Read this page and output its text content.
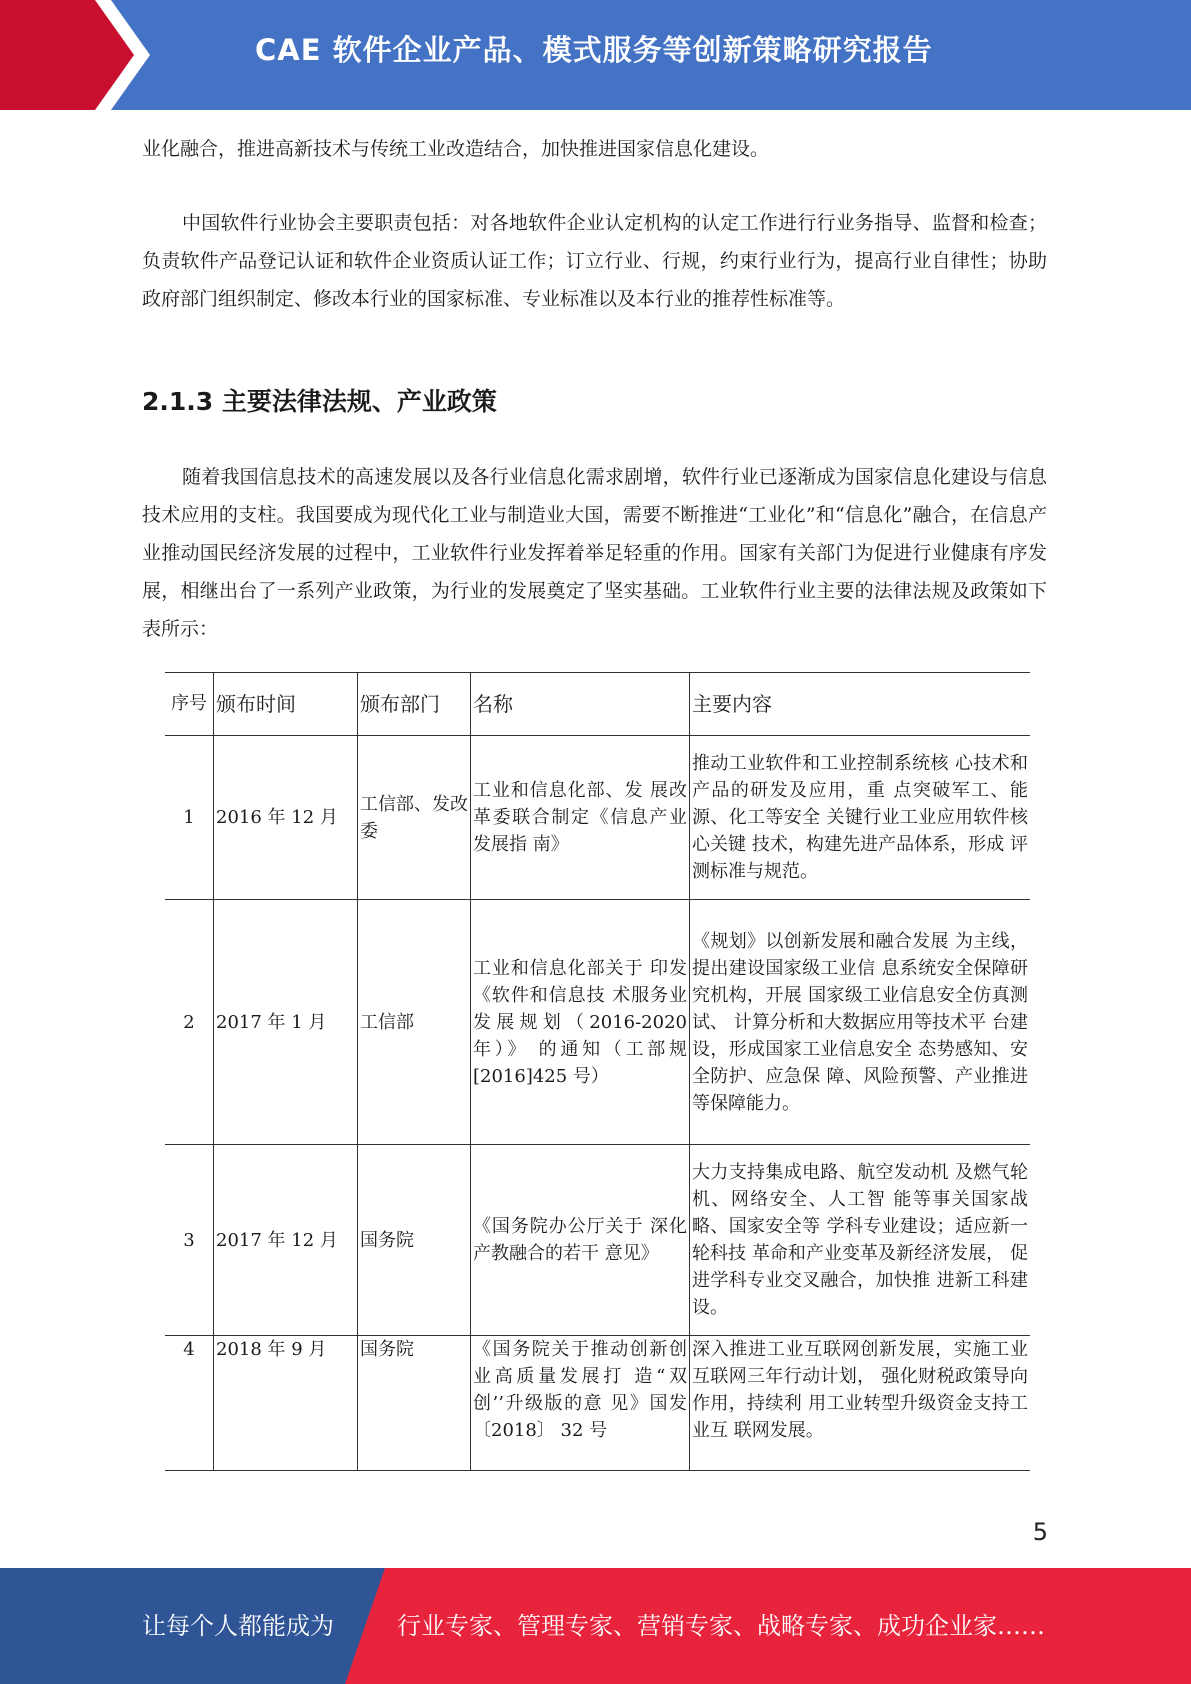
CAE 软件企业产品、模式服务等创新策略研究报告

业化融合，推进高新技术与传统工业改造结合，加快推进国家信息化建设。

中国软件行业协会主要职责包括：对各地软件企业认定机构的认定工作进行行业务指导、监督和检查；负责软件产品登记认证和软件企业资质认证工作；订立行业、行规，约束行业行为，提高行业自律性；协助政府部门组织制定、修改本行业的国家标准、专业标准以及本行业的推荐性标准等。

2.1.3 主要法律法规、产业政策

随着我国信息技术的高速发展以及各行业信息化需求剧增，软件行业已逐渐成为国家信息化建设与信息技术应用的支柱。我国要成为现代化工业与制造业大国，需要不断推进“工业化”和“信息化”融合，在信息产业推动国民经济发展的过程中，工业软件行业发挥着举足轻重的作用。国家有关部门为促进行业健康有序发展，相继出台了一系列产业政策，为行业的发展奠定了坚实基础。工业软件行业主要的法律法规及政策如下表所示：

序号	颁布时间	颁布部门	名称	主要内容
1	2016 年 12 月	工信部、发改委	工业和信息化部、发 展改革委联合制定《信息产业发展指 南》	推动工业软件和工业控制系统核 心技术和产品的研发及应用，重 点突破军工、能源、化工等安全 关键行业工业应用软件核心关键 技术，构建先进产品体系，形成 评测标准与规范。
2	2017 年 1 月	工信部	工业和信息化部关于 印发《软件和信息技 术服务业发展规划（2016-2020 年）》 的通知（工部规 [2016]425 号）	《规划》以创新发展和融合发展 为主线，提出建设国家级工业信 息系统安全保障研究机构，开展 国家级工业信息安全仿真测试、 计算分析和大数据应用等技术平 台建设，形成国家工业信息安全 态势感知、安全防护、应急保 障、风险预警、产业推进等保障能力。
3	2017 年 12 月	国务院	《国务院办公厅关于 深化产教融合的若干 意见》	大力支持集成电路、航空发动机 及燃气轮机、网络安全、人工智 能等事关国家战略、国家安全等 学科专业建设；适应新一轮科技 革命和产业变革及新经济发展， 促进学科专业交叉融合，加快推 进新工科建设。
4	2018 年 9 月	国务院	《国务院关于推动创新创业高质量发展打 造“双创’’升级版的意 见》国发〔2018〕 32 号	深入推进工业互联网创新发展，实施工业互联网三年行动计划， 强化财税政策导向作用，持续利 用工业转型升级资金支持工业互 联网发展。
5
让每个人都能成为	行业专家、管理专家、营销专家、战略专家、成功企业家……
